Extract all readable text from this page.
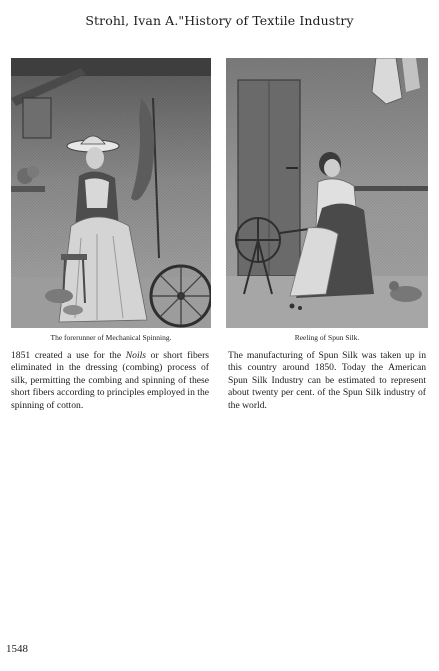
Strohl, Ivan A."History of Textile Industry
The forerunner of Mechanical Spinning.	Reeling of Spun Silk.
1851 created a use for the Noils or short fibers eliminated in the dressing (combing) process of silk, permitting the combing and spinning of these short fibers according to principles employed in the spinning of cotton.
The manufacturing of Spun Silk was taken up in this country around 1850. Today the American Spun Silk Industry can be estimated to represent about twenty per cent. of the Spun Silk industry of the world.
1548
